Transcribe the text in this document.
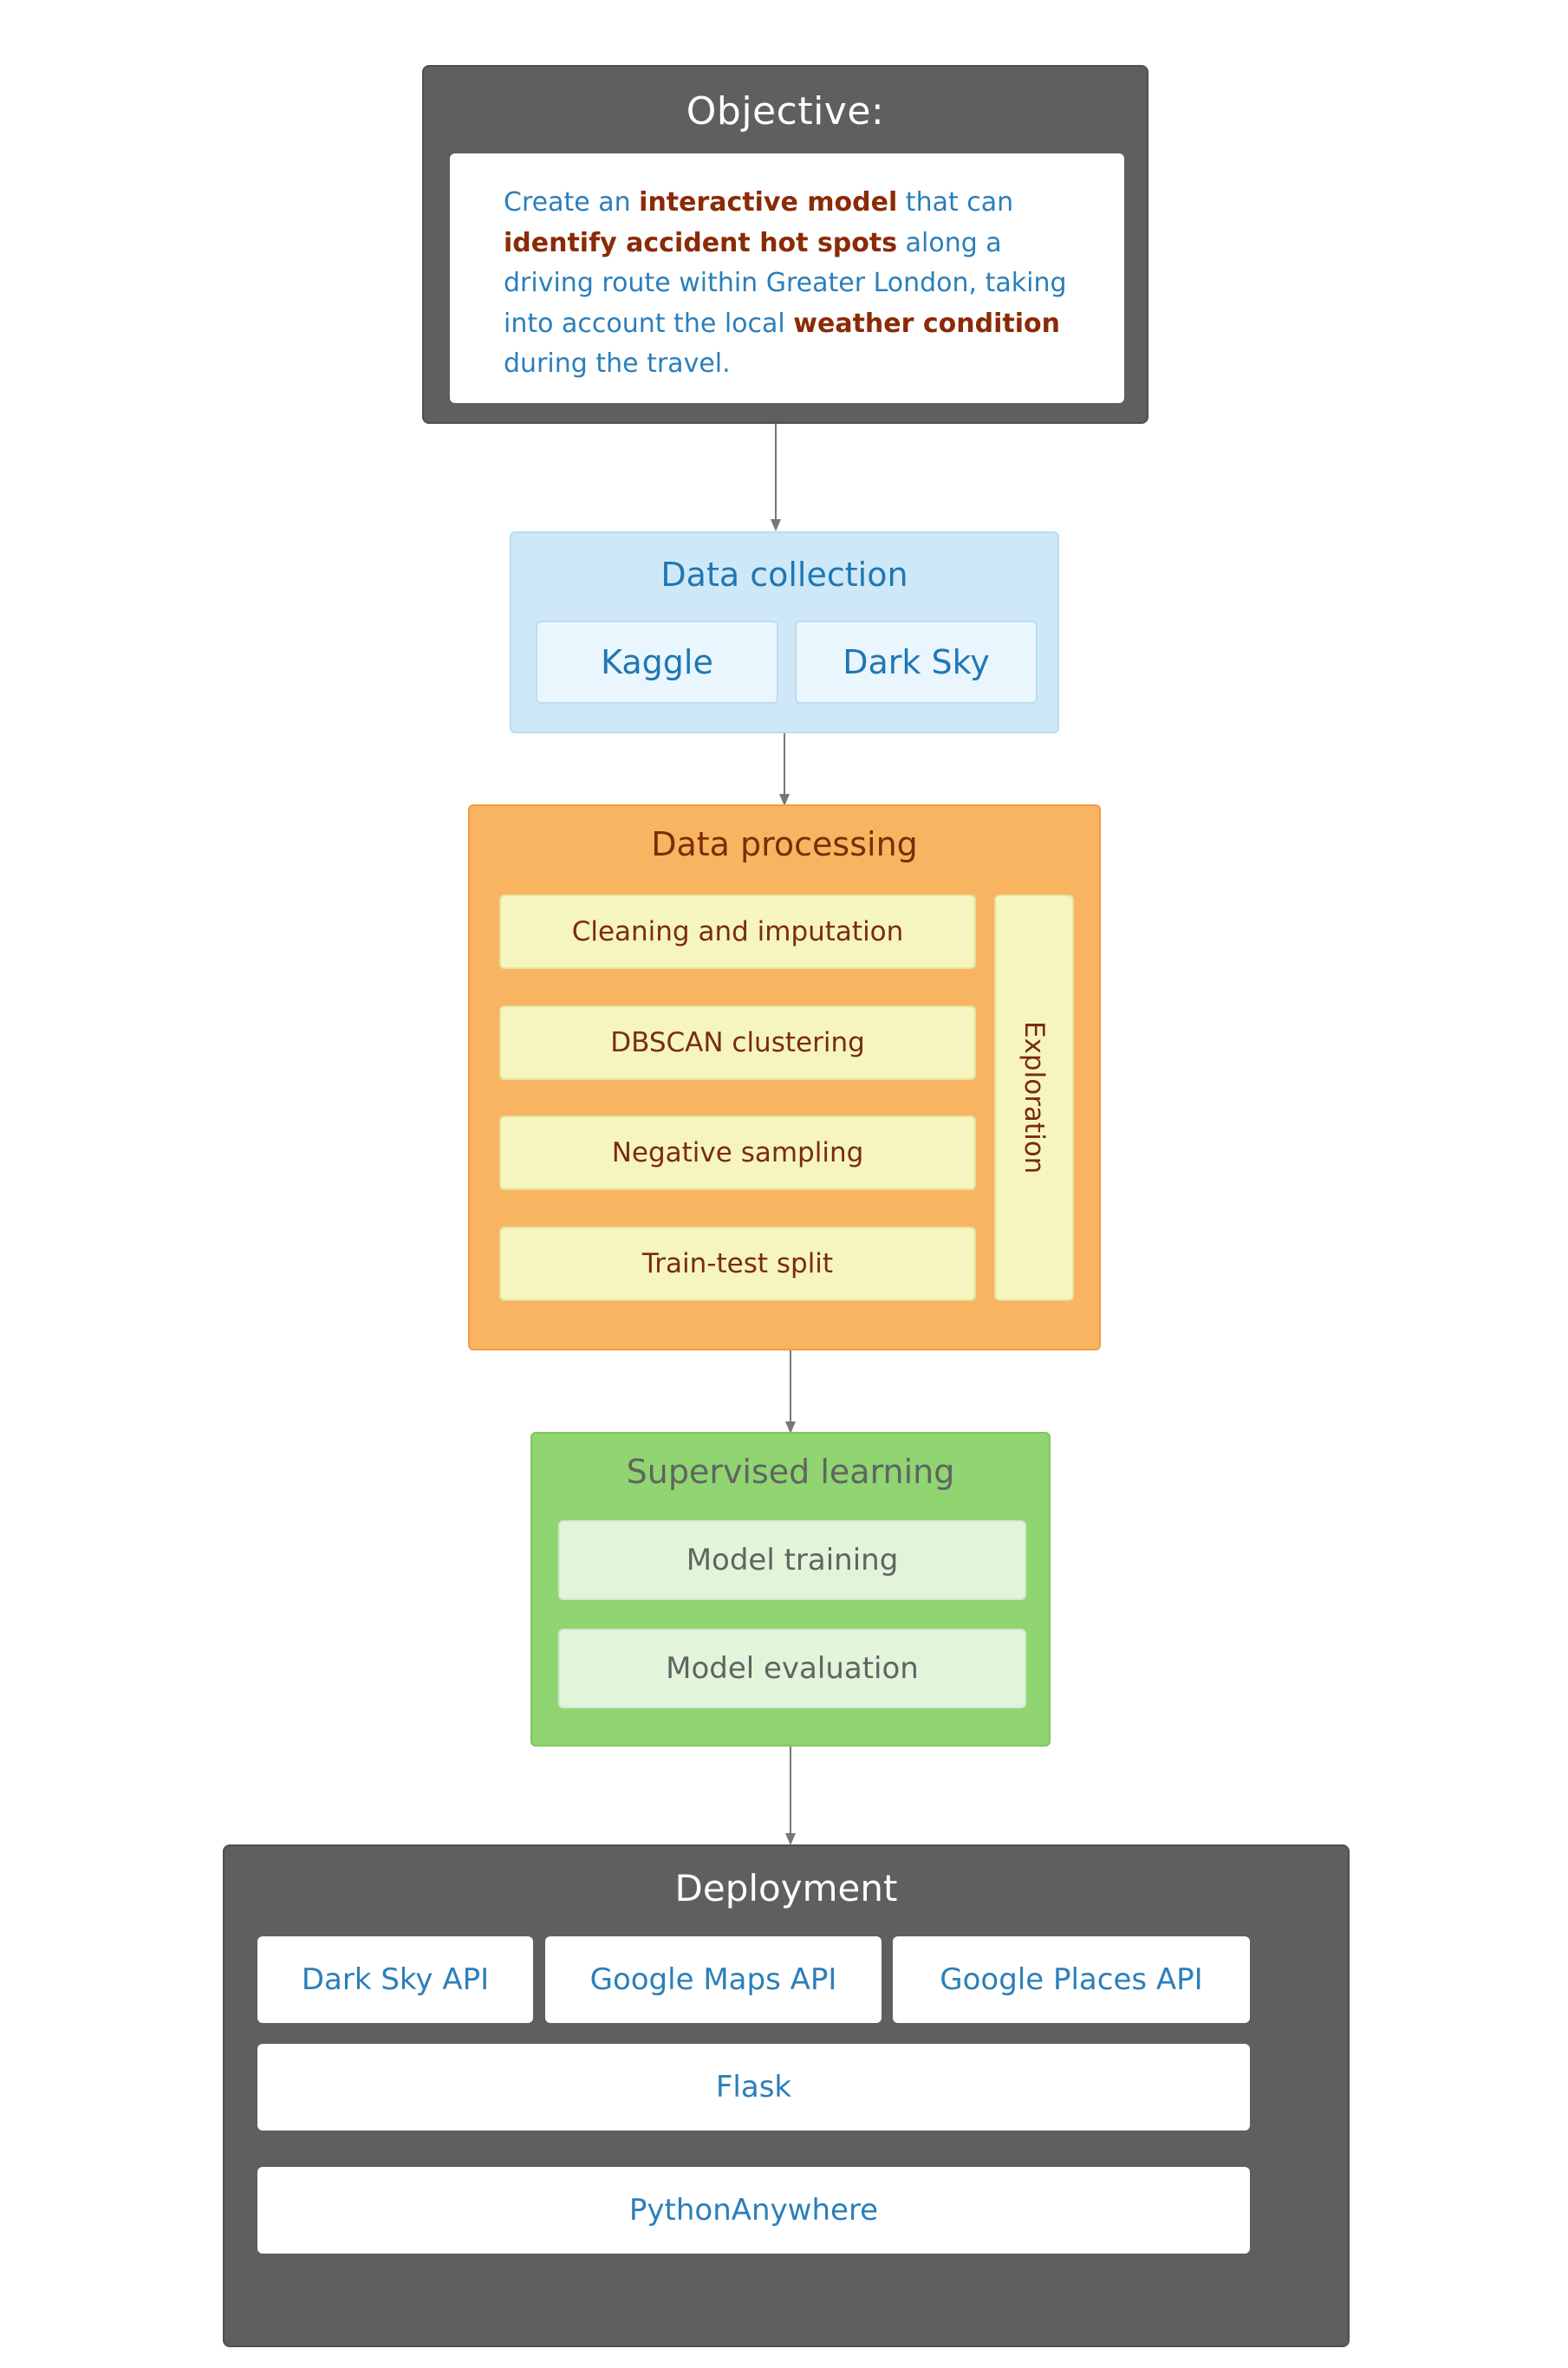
Objective:
Create an interactive model that can identify accident hot spots along a driving route within Greater London, taking into account the local weather condition during the travel.
Data collection
Kaggle	Dark Sky
Data processing
Cleaning and imputation
DBSCAN clustering
Negative sampling
Train-test split
Exploration
Supervised learning
Model training
Model evaluation
Deployment
Dark Sky API	Google Maps API	Google Places API
Flask
PythonAnywhere
